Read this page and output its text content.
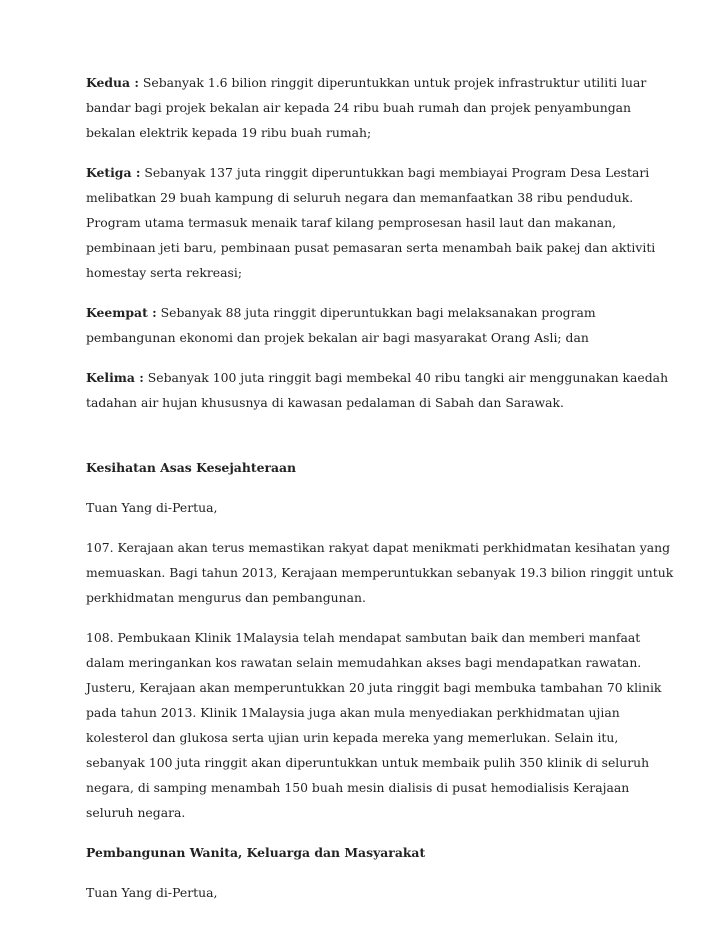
Kedua : Sebanyak 1.6 bilion ringgit diperuntukkan untuk projek infrastruktur utiliti luar bandar bagi projek bekalan air kepada 24 ribu buah rumah dan projek penyambungan bekalan elektrik kepada 19 ribu buah rumah;

Ketiga : Sebanyak 137 juta ringgit diperuntukkan bagi membiayai Program Desa Lestari melibatkan 29 buah kampung di seluruh negara dan memanfaatkan 38 ribu penduduk. Program utama termasuk menaik taraf kilang pemprosesan hasil laut dan makanan, pembinaan jeti baru, pembinaan pusat pemasaran serta menambah baik pakej dan aktiviti homestay serta rekreasi;

Keempat : Sebanyak 88 juta ringgit diperuntukkan bagi melaksanakan program pembangunan ekonomi dan projek bekalan air bagi masyarakat Orang Asli; dan

Kelima : Sebanyak 100 juta ringgit bagi membekal 40 ribu tangki air menggunakan kaedah tadahan air hujan khususnya di kawasan pedalaman di Sabah dan Sarawak.

Kesihatan Asas Kesejahteraan

Tuan Yang di-Pertua,

107. Kerajaan akan terus memastikan rakyat dapat menikmati perkhidmatan kesihatan yang memuaskan. Bagi tahun 2013, Kerajaan memperuntukkan sebanyak 19.3 bilion ringgit untuk perkhidmatan mengurus dan pembangunan.

108. Pembukaan Klinik 1Malaysia telah mendapat sambutan baik dan memberi manfaat dalam meringankan kos rawatan selain memudahkan akses bagi mendapatkan rawatan. Justeru, Kerajaan akan memperuntukkan 20 juta ringgit bagi membuka tambahan 70 klinik pada tahun 2013. Klinik 1Malaysia juga akan mula menyediakan perkhidmatan ujian kolesterol dan glukosa serta ujian urin kepada mereka yang memerlukan. Selain itu, sebanyak 100 juta ringgit akan diperuntukkan untuk membaik pulih 350 klinik di seluruh negara, di samping menambah 150 buah mesin dialisis di pusat hemodialisis Kerajaan seluruh negara.

Pembangunan Wanita, Keluarga dan Masyarakat

Tuan Yang di-Pertua,
